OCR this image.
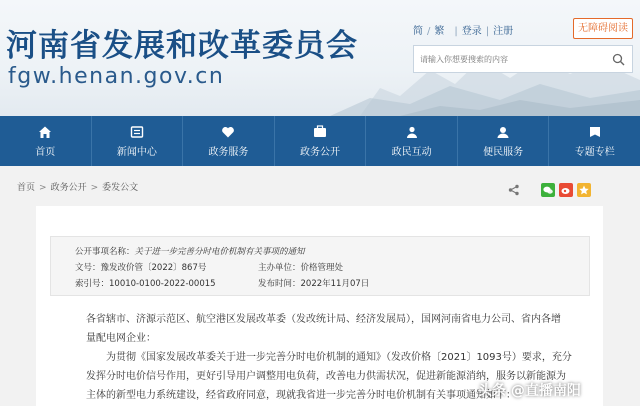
河南省发展和改革委员会
fgw.henan.gov.cn
简 / 繁 | 登录 | 注册	无障碍阅读
请输入你想要搜索的内容
首页	新闻中心	政务服务	政务公开	政民互动	便民服务	专题专栏
首页 > 政务公开 > 委发公文
公开事项名称：关于进一步完善分时电价机制有关事项的通知
文号：豫发改价管〔2022〕867号	主办单位：价格管理处
索引号：10010-0100-2022-00015	发布时间：2022年11月07日
各省辖市、济源示范区、航空港区发展改革委（发改统计局、经济发展局），国网河南省电力公司、省内各增
量配电网企业：
为贯彻《国家发展改革委关于进一步完善分时电价机制的通知》（发改价格〔2021〕1093号）要求，充分
发挥分时电价信号作用，更好引导用户调整用电负荷，改善电力供需状况，促进新能源消纳，服务以新能源为
主体的新型电力系统建设，经省政府同意，现就我省进一步完善分时电价机制有关事项通知如下：
头条 @直播南阳
